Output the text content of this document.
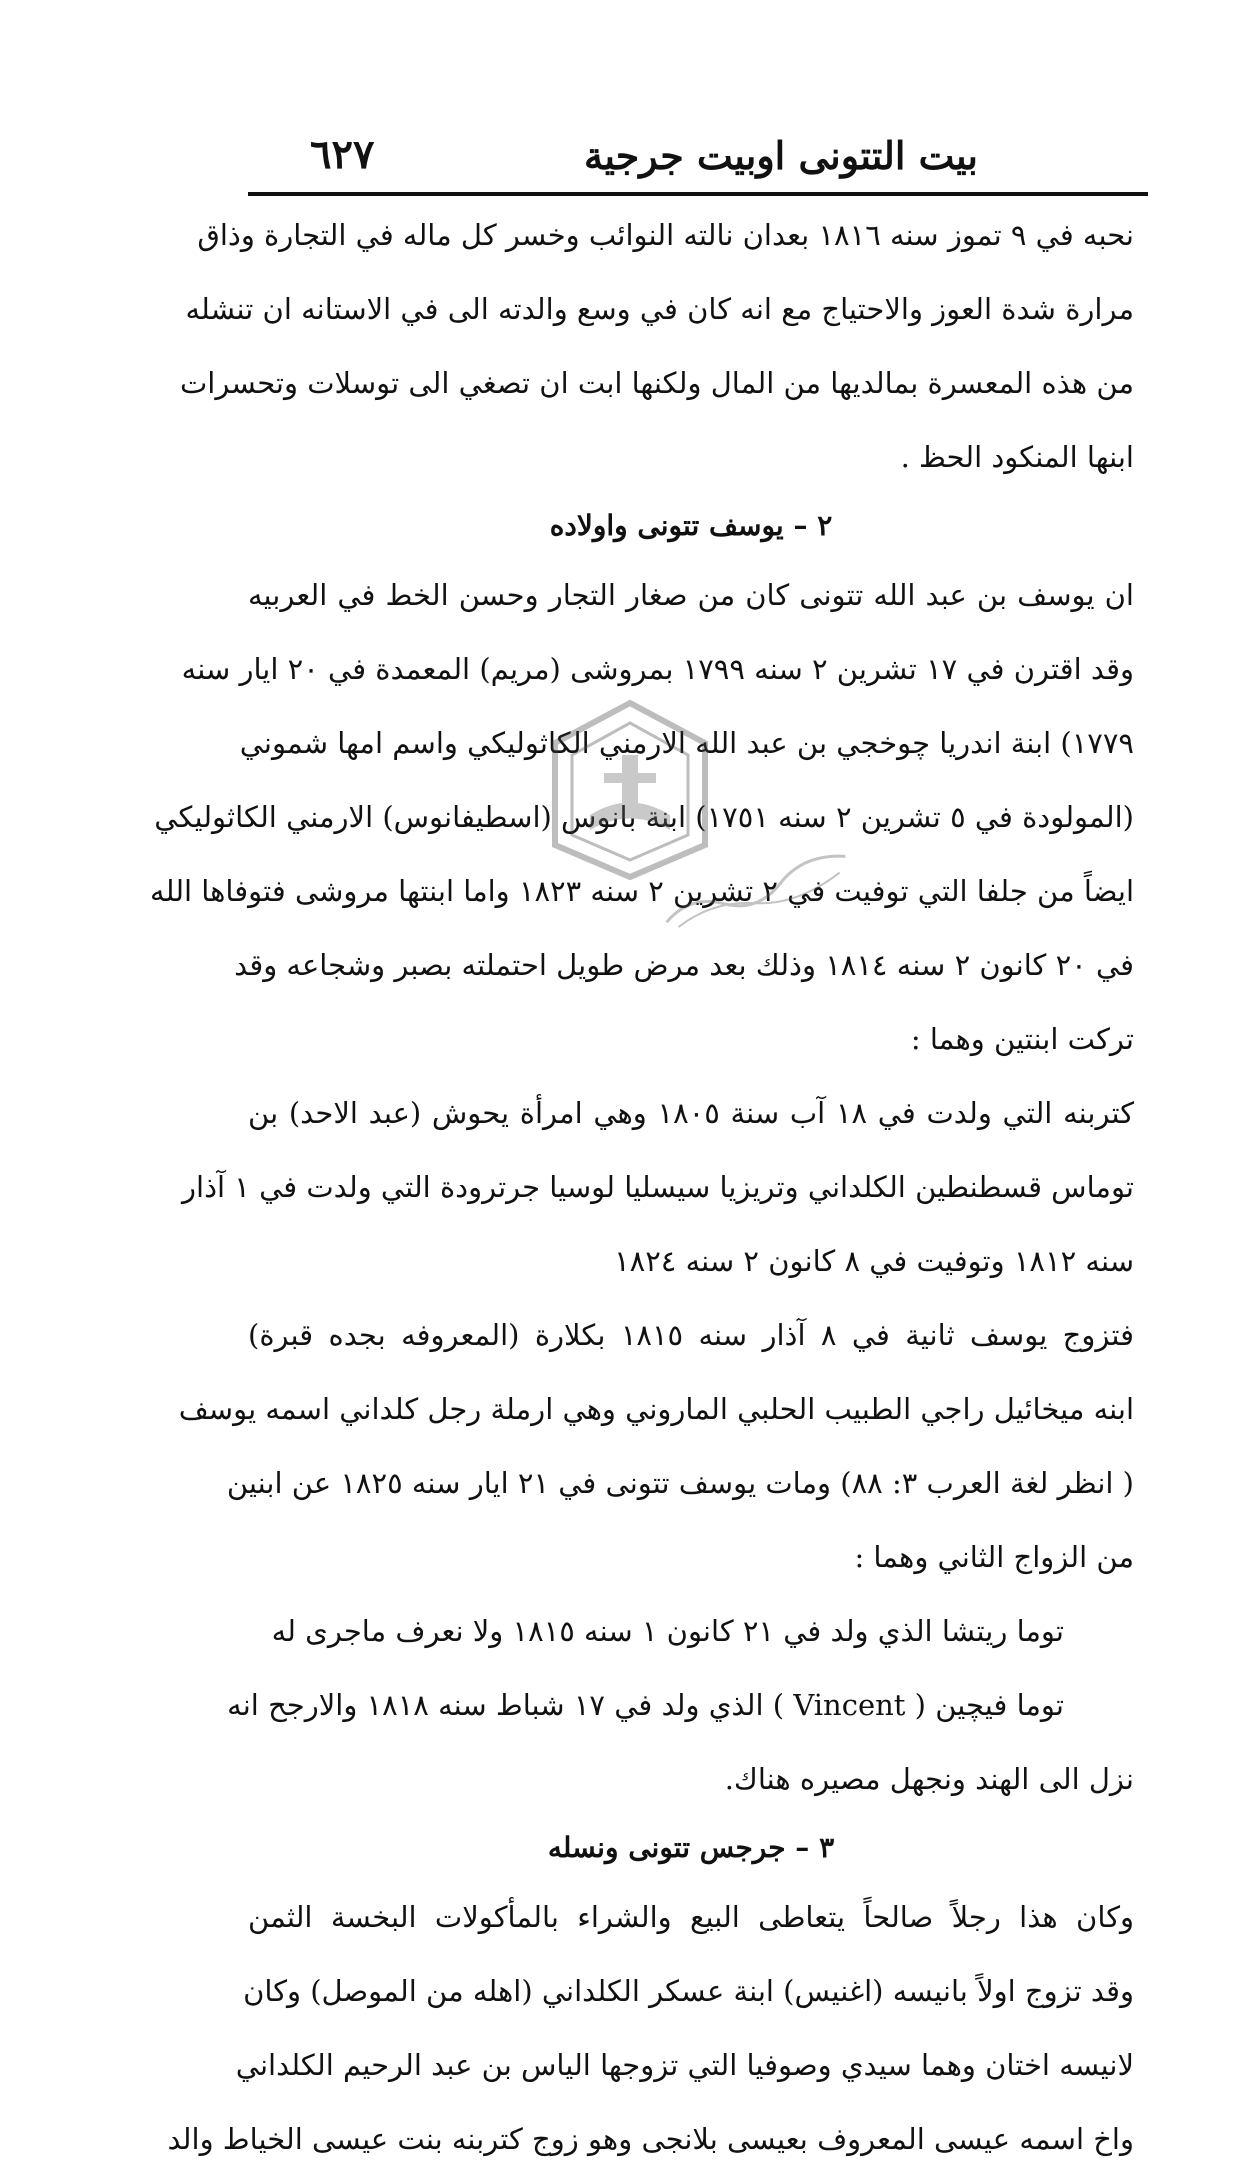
بيت التتونى اوبيت جرجية
٦٢٧
نحبه في ٩ تموز سنه ١٨١٦ بعدان نالته النوائب وخسر كل ماله في التجارة وذاق
مرارة شدة العوز والاحتياج مع انه كان في وسع والدته الى في الاستانه ان تنشله
من هذه المعسرة بمالديها من المال ولكنها ابت ان تصغي الى توسلات وتحسرات
ابنها المنكود الحظ .
٢ – يوسف تتونى واولاده
ان يوسف بن عبد الله تتونى كان من صغار التجار وحسن الخط في العربيه
وقد اقترن في ١٧ تشرين ٢ سنه ١٧٩٩ بمروشى (مريم) المعمدة في ٢٠ ايار سنه
١٧٧٩) ابنة اندريا چوخجي بن عبد الله الارمني الكاثوليكي واسم امها شموني
(المولودة في ٥ تشرين ٢ سنه ١٧٥١) ابنة بانوس (اسطيفانوس) الارمني الكاثوليكي
ايضاً من جلفا التي توفيت في ٢ تشرين ٢ سنه ١٨٢٣ واما ابنتها مروشى فتوفاها الله
في ٢٠ كانون ٢ سنه ١٨١٤ وذلك بعد مرض طويل احتملته بصبر وشجاعه وقد
تركت ابنتين وهما :
كتربنه التي ولدت في ١٨ آب سنة ١٨٠٥ وهي امرأة يحوش (عبد الاحد) بن
توماس قسطنطين الكلداني وتريزيا سيسليا لوسيا جرترودة التي ولدت في ١ آذار
سنه ١٨١٢ وتوفيت في ٨ كانون ٢ سنه ١٨٢٤
فتزوج يوسف ثانية في ٨ آذار سنه ١٨١٥ بكلارة (المعروفه بجده قبرة)
ابنه ميخائيل راجي الطبيب الحلبي الماروني وهي ارملة رجل كلداني اسمه يوسف
( انظر لغة العرب ٣: ٨٨) ومات يوسف تتونى في ٢١ ايار سنه ١٨٢٥ عن ابنين
من الزواج الثاني وهما :
توما ريتشا الذي ولد في ٢١ كانون ١ سنه ١٨١٥ ولا نعرف ماجرى له
توما فيچين ( Vincent ) الذي ولد في ١٧ شباط سنه ١٨١٨ والارجح انه
نزل الى الهند ونجهل مصيره هناك.
٣ – جرجس تتونى ونسله
وكان هذا رجلاً صالحاً يتعاطى البيع والشراء بالمأكولات البخسة الثمن
وقد تزوج اولاً بانيسه (اغنيس) ابنة عسكر الكلداني (اهله من الموصل) وكان
لانيسه اختان وهما سيدي وصوفيا التي تزوجها الياس بن عبد الرحيم الكلداني
واخ اسمه عيسى المعروف بعيسى بلانجى وهو زوج كتربنه بنت عيسى الخياط والد
